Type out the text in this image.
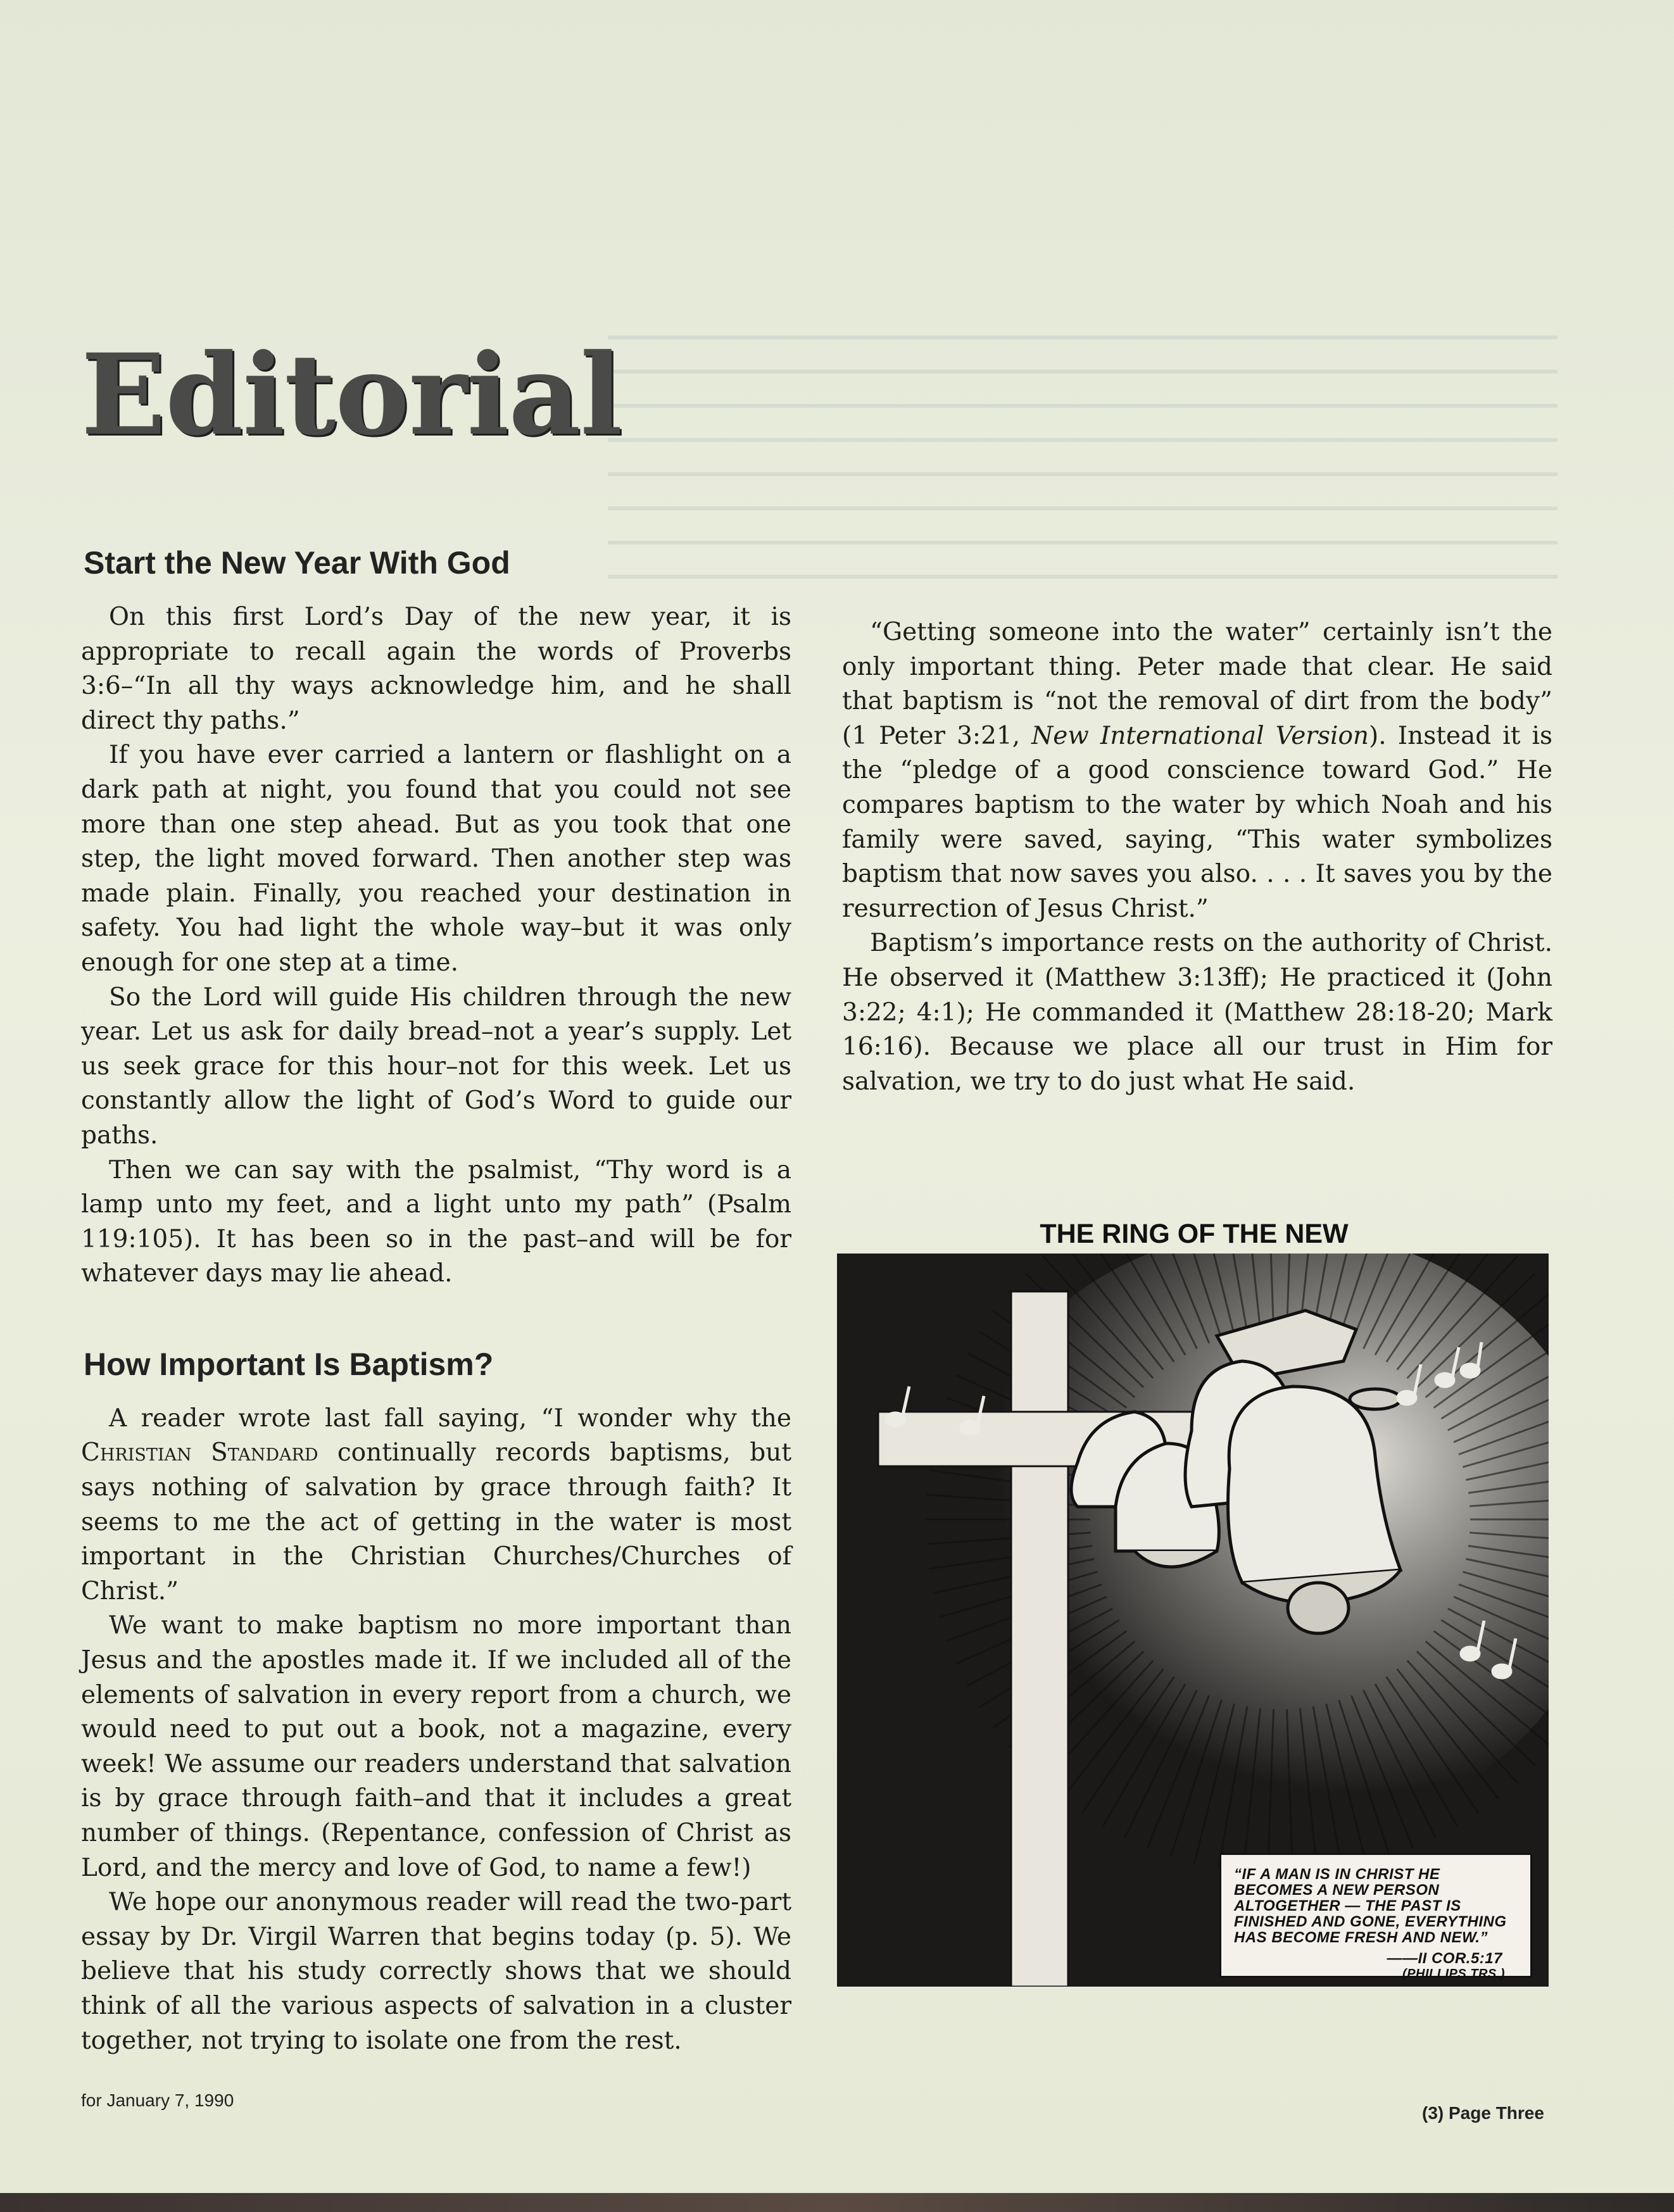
Editorial
Start the New Year With God

On this first Lord’s Day of the new year, it is appropriate to recall again the words of Proverbs 3:6–“In all thy ways acknowledge him, and he shall direct thy paths.”

If you have ever carried a lantern or flashlight on a dark path at night, you found that you could not see more than one step ahead. But as you took that one step, the light moved forward. Then another step was made plain. Finally, you reached your destination in safety. You had light the whole way–but it was only enough for one step at a time.

So the Lord will guide His children through the new year. Let us ask for daily bread–not a year’s supply. Let us seek grace for this hour–not for this week. Let us constantly allow the light of God’s Word to guide our paths.

Then we can say with the psalmist, “Thy word is a lamp unto my feet, and a light unto my path” (Psalm 119:105). It has been so in the past–and will be for whatever days may lie ahead.

How Important Is Baptism?

A reader wrote last fall saying, “I wonder why the Christian Standard continually records baptisms, but says nothing of salvation by grace through faith? It seems to me the act of getting in the water is most important in the Christian Churches/Churches of Christ.”

We want to make baptism no more important than Jesus and the apostles made it. If we included all of the elements of salvation in every report from a church, we would need to put out a book, not a magazine, every week! We assume our readers understand that salvation is by grace through faith–and that it includes a great number of things. (Repentance, confession of Christ as Lord, and the mercy and love of God, to name a few!)

We hope our anonymous reader will read the two-part essay by Dr. Virgil Warren that begins today (p. 5). We believe that his study correctly shows that we should think of all the various aspects of salvation in a cluster together, not trying to isolate one from the rest.

“Getting someone into the water” certainly isn’t the only important thing. Peter made that clear. He said that baptism is “not the removal of dirt from the body” (1 Peter 3:21, New International Version). Instead it is the “pledge of a good conscience toward God.” He compares baptism to the water by which Noah and his family were saved, saying, “This water symbolizes baptism that now saves you also. . . . It saves you by the resurrection of Jesus Christ.”

Baptism’s importance rests on the authority of Christ. He observed it (Matthew 3:13ff); He practiced it (John 3:22; 4:1); He commanded it (Matthew 28:18-20; Mark 16:16). Because we place all our trust in Him for salvation, we try to do just what He said.

THE RING OF THE NEW
“IF A MAN IS IN CHRIST HE BECOMES A NEW PERSON ALTOGETHER — THE PAST IS FINISHED AND GONE, EVERYTHING HAS BECOME FRESH AND NEW.”
——II COR.5:17
(PHILLIPS TRS.)
for January 7, 1990
(3) Page Three
